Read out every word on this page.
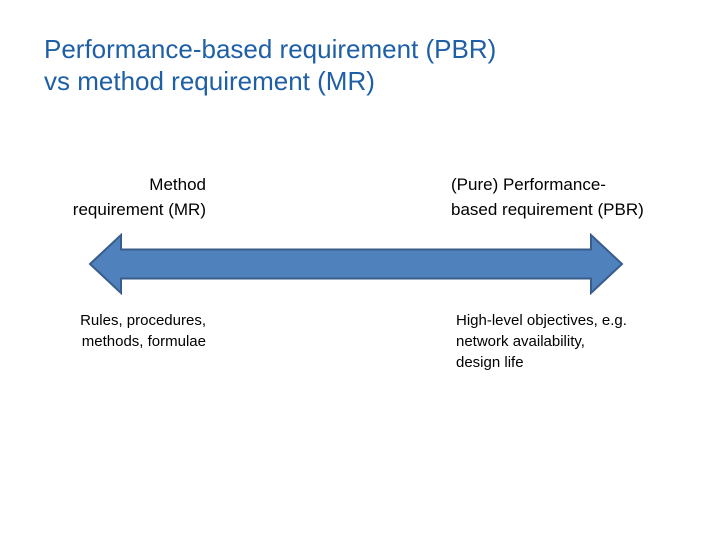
Performance-based requirement (PBR)
vs method requirement (MR)
Method
requirement (MR)
(Pure) Performance-
based requirement (PBR)
Rules, procedures,
methods, formulae
High-level objectives, e.g.
network availability,
design life
